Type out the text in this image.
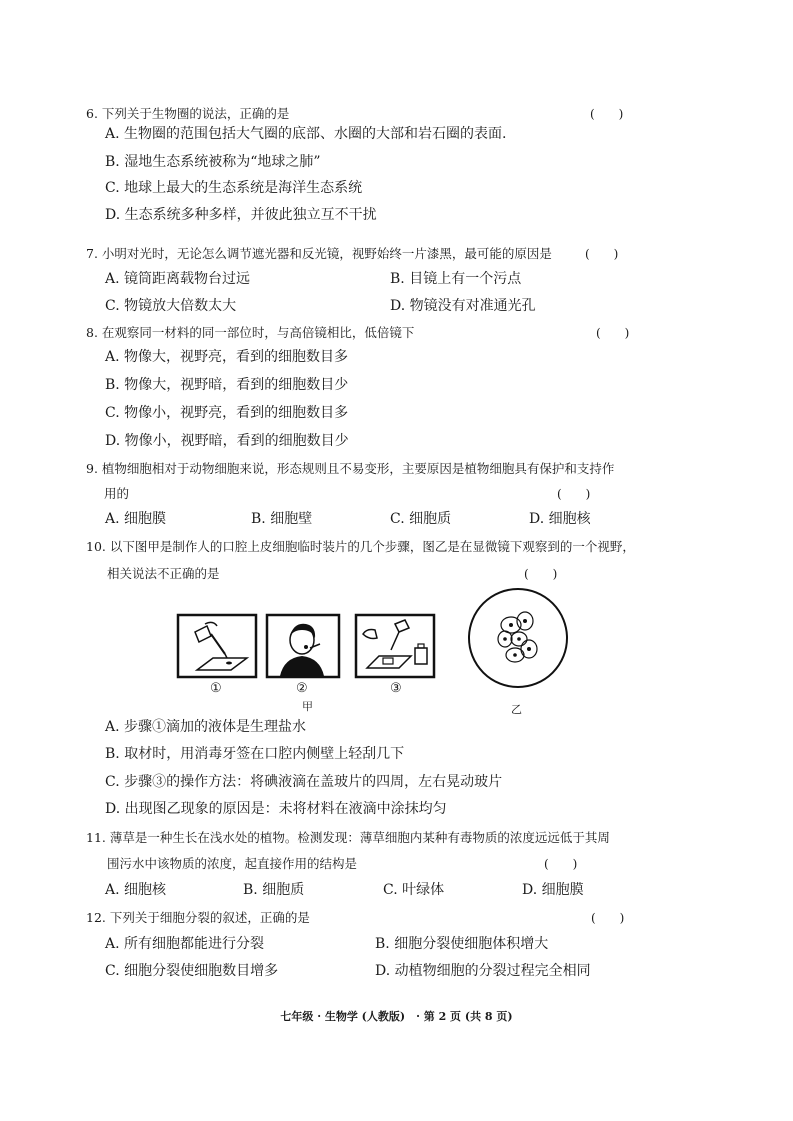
6. 下列关于生物圈的说法，正确的是	(　　)
A. 生物圈的范围包括大气圈的底部、水圈的大部和岩石圈的表面.
B. 湿地生态系统被称为“地球之肺”
C. 地球上最大的生态系统是海洋生态系统
D. 生态系统多种多样，并彼此独立互不干扰
7. 小明对光时，无论怎么调节遮光器和反光镜，视野始终一片漆黑，最可能的原因是	(　　)
A. 镜筒距离载物台过远	B. 目镜上有一个污点
C. 物镜放大倍数太大	D. 物镜没有对准通光孔
8. 在观察同一材料的同一部位时，与高倍镜相比，低倍镜下	(　　)
A. 物像大，视野亮，看到的细胞数目多
B. 物像大，视野暗，看到的细胞数目少
C. 物像小，视野亮，看到的细胞数目多
D. 物像小，视野暗，看到的细胞数目少
9. 植物细胞相对于动物细胞来说，形态规则且不易变形，主要原因是植物细胞具有保护和支持作
用的	(　　)
A. 细胞膜	B. 细胞壁	C. 细胞质	D. 细胞核
10. 以下图甲是制作人的口腔上皮细胞临时装片的几个步骤，图乙是在显微镜下观察到的一个视野，
相关说法不正确的是	(　　)
①	②	③
甲	乙
A. 步骤①滴加的液体是生理盐水
B. 取材时，用消毒牙签在口腔内侧壁上轻刮几下
C. 步骤③的操作方法：将碘液滴在盖玻片的四周，左右晃动玻片
D. 出现图乙现象的原因是：未将材料在液滴中涂抹均匀
11. 薄草是一种生长在浅水处的植物。检测发现：薄草细胞内某种有毒物质的浓度远远低于其周
围污水中该物质的浓度，起直接作用的结构是	(　　)
A. 细胞核	B. 细胞质	C. 叶绿体	D. 细胞膜
12. 下列关于细胞分裂的叙述，正确的是	(　　)
A. 所有细胞都能进行分裂	B. 细胞分裂使细胞体积增大
C. 细胞分裂使细胞数目增多	D. 动植物细胞的分裂过程完全相同
七年级 · 生物学 (人教版)　· 第 2 页 (共 8 页)
